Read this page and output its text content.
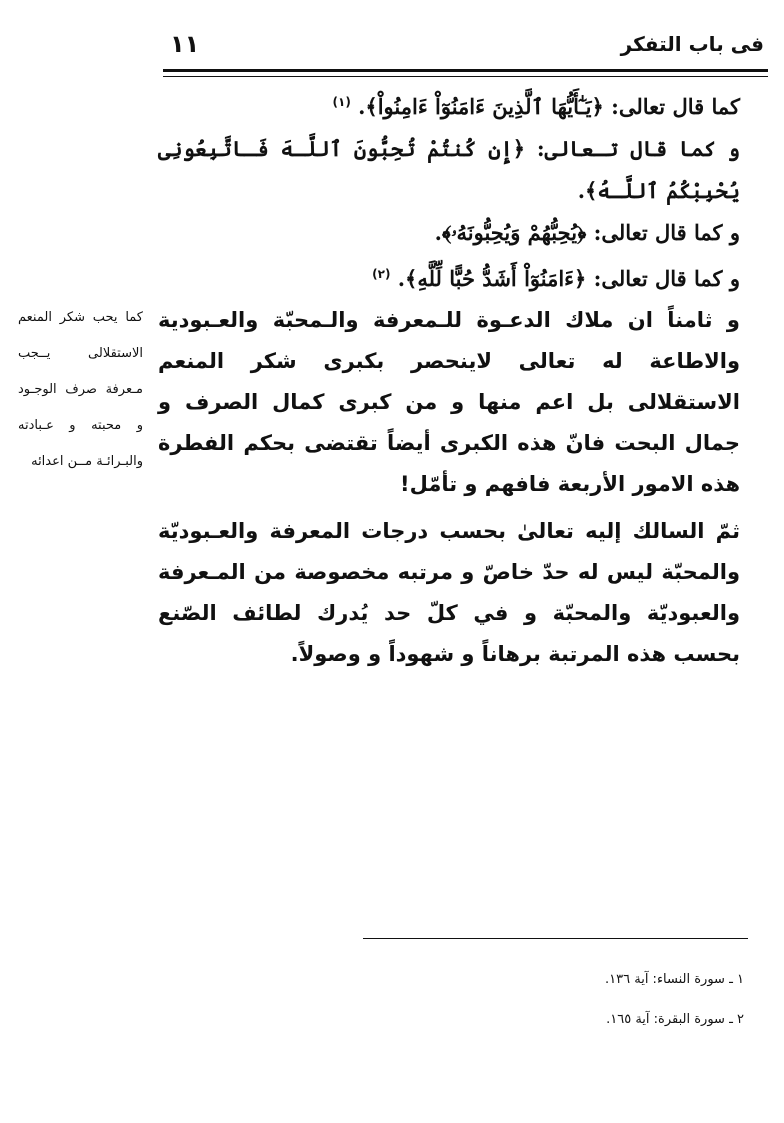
فى باب التفكر
١١

كما قال تعالى: ﴿يَـٰٓأَيُّهَا ٱلَّذِينَ ءَامَنُوٓاْ ءَامِنُواْ﴾. $^{(١)}$

و كما قال تـعالى: ﴿إِن كُنتُمْ تُحِبُّونَ ٱللَّـهَ فَـاتَّبِعُونِى يُحْبِبْكُمُ ٱللَّـهُ﴾.

و كما قال تعالى: ﴿يُحِبُّهُمْ وَيُحِبُّونَهُۥ﴾.

و كما قال تعالى: ﴿ءَامَنُوٓاْ أَشَدُّ حُبًّا لِّلَّهِ﴾. $^{(٢)}$

و ثامناً ان ملاك الدعـوة للـمعرفة والـمحبّة والعـبودية والاطاعة له تعالى لاينحصر بكبرى شكر المنعم الاستقلالى بل اعم منها و من كبرى كمال الصرف و جمال البحت فانّ هذه الكبرى أيضاً تقتضى بحكم الفطرة هذه الامور الأربعة فافهم و تأمّل!

ثمّ السالك إليه تعالىٰ بحسب درجات المعرفة والعـبوديّة والمحبّة ليس له حدّ خاصّ و مرتبه مخصوصة من المـعرفة والعبوديّة والمحبّة و في كلّ حد يُدرك لطائف الصّنع بحسب هذه المرتبة برهاناً و شهوداً و وصولاً.

كما يحب شكر المنعم الاستقلالى يــجب مـعرفة صرف الوجـود و محبته و عـبادته والبـرائـة مــن اعدائه
١ ـ سورة النساء: آية ١٣٦.
٢ ـ سورة البقرة: آية ١٦٥.
